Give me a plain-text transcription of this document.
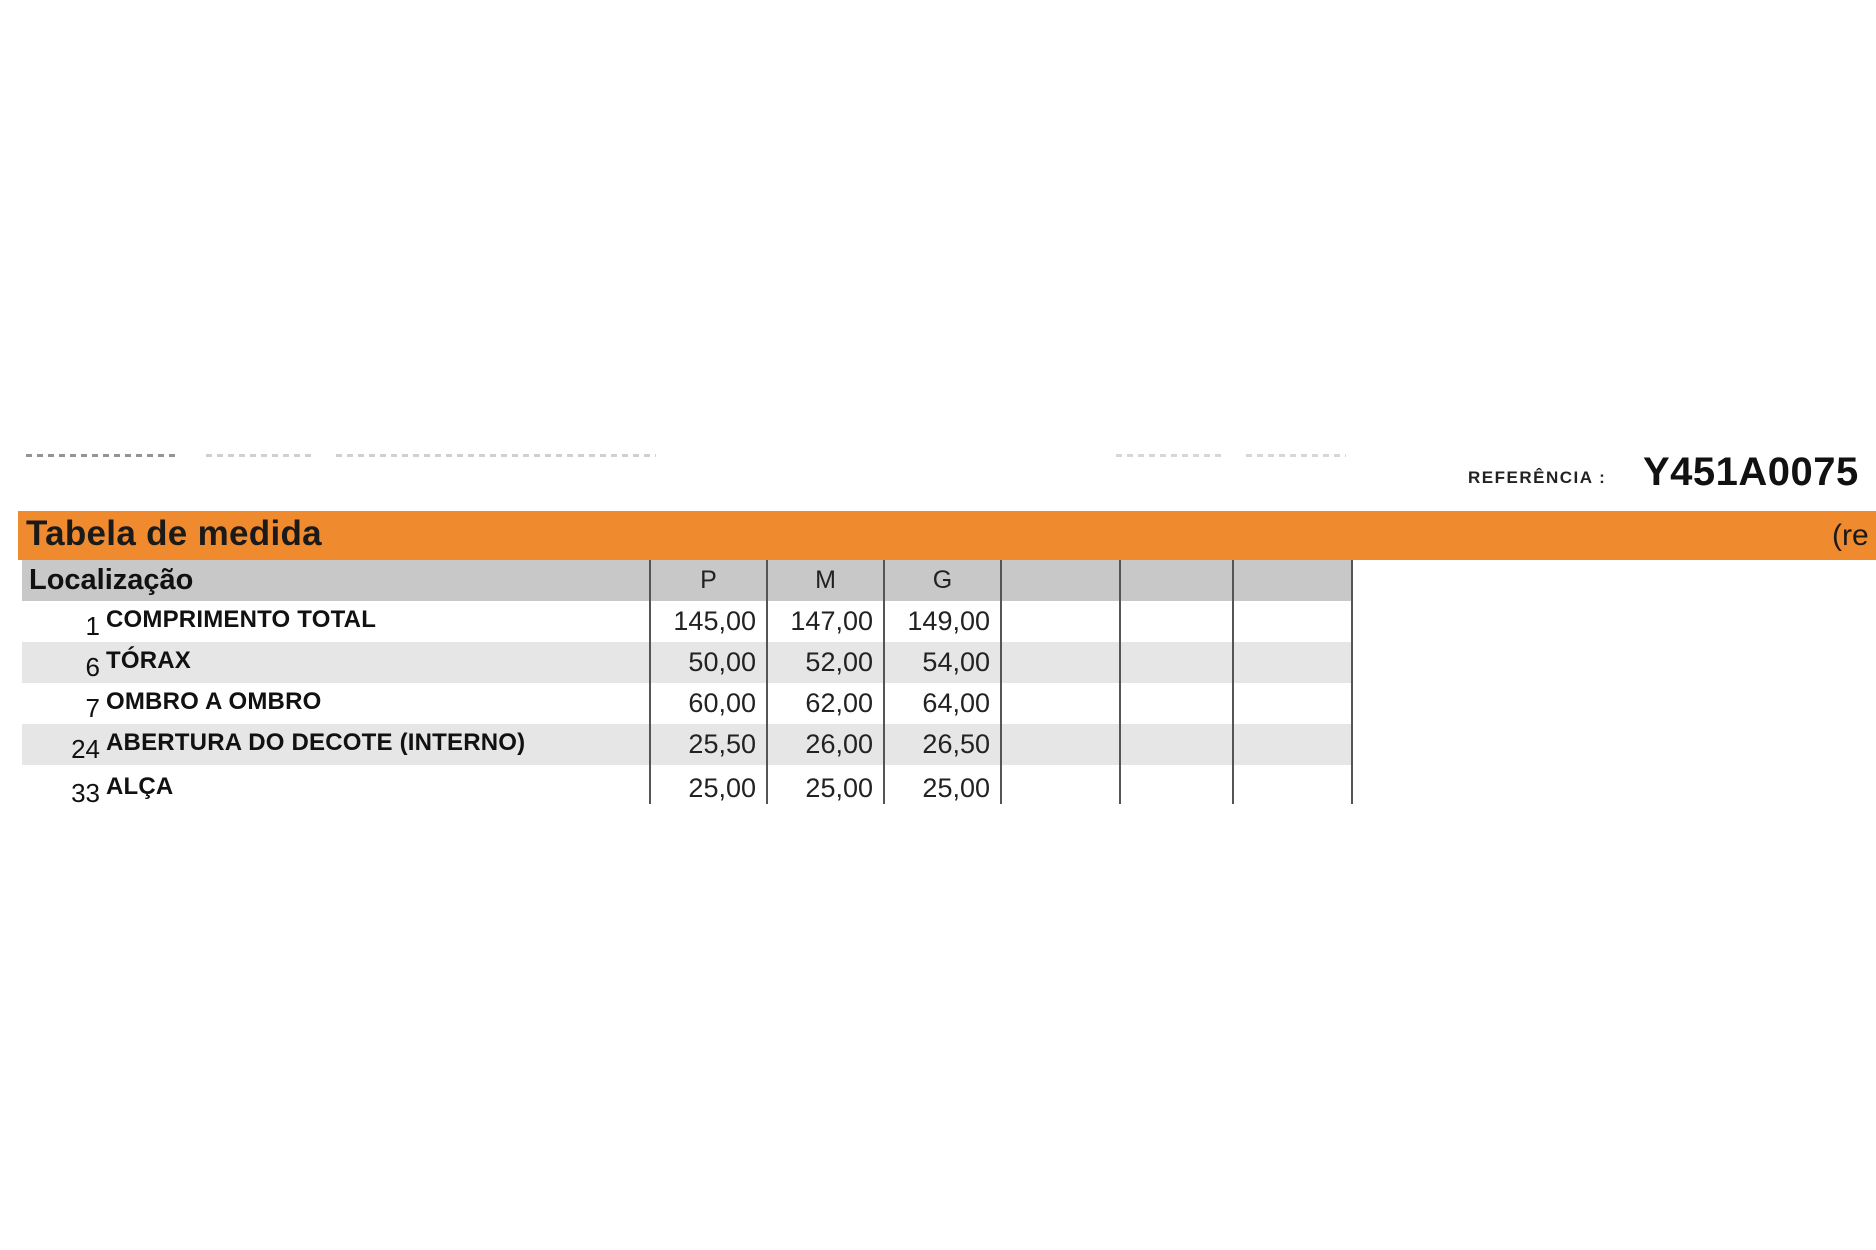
REFERÊNCIA : Y451A0075
Tabela de medida	(re
Localização	P	M	G			
1 COMPRIMENTO TOTAL	145,00	147,00	149,00			
6 TÓRAX	50,00	52,00	54,00			
7 OMBRO A OMBRO	60,00	62,00	64,00			
24 ABERTURA DO DECOTE (INTERNO)	25,50	26,00	26,50			
33 ALÇA	25,00	25,00	25,00			
